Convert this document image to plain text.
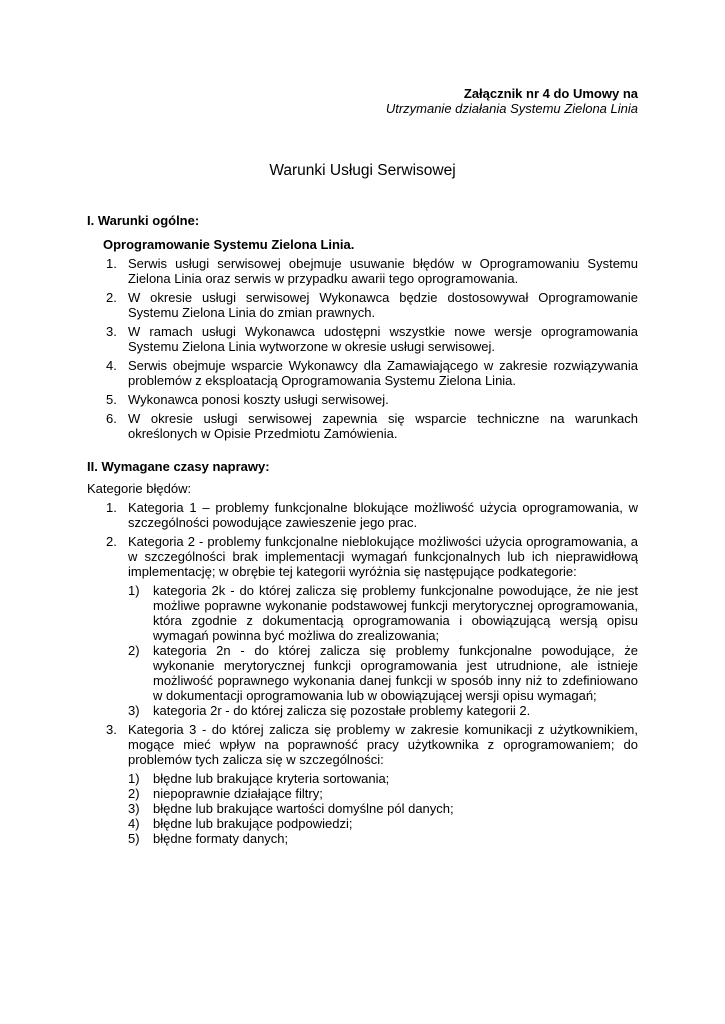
Załącznik nr 4 do Umowy na
Utrzymanie działania Systemu Zielona Linia
Warunki Usługi Serwisowej
I. Warunki ogólne:
Oprogramowanie Systemu Zielona Linia.
1. Serwis usługi serwisowej obejmuje usuwanie błędów w Oprogramowaniu Systemu Zielona Linia oraz serwis w przypadku awarii tego oprogramowania.
2. W okresie usługi serwisowej Wykonawca będzie dostosowywał Oprogramowanie Systemu Zielona Linia do zmian prawnych.
3. W ramach usługi Wykonawca udostępni wszystkie nowe wersje oprogramowania Systemu Zielona Linia wytworzone w okresie usługi serwisowej.
4. Serwis obejmuje wsparcie Wykonawcy dla Zamawiającego w zakresie rozwiązywania problemów z eksploatacją Oprogramowania Systemu Zielona Linia.
5. Wykonawca ponosi koszty usługi serwisowej.
6. W okresie usługi serwisowej zapewnia się wsparcie techniczne na warunkach określonych w Opisie Przedmiotu Zamówienia.
II. Wymagane czasy naprawy:
Kategorie błędów:
1. Kategoria 1 – problemy funkcjonalne blokujące możliwość użycia oprogramowania, w szczególności powodujące zawieszenie jego prac.
2. Kategoria 2 - problemy funkcjonalne nieblokujące możliwości użycia oprogramowania, a w szczególności brak implementacji wymagań funkcjonalnych lub ich nieprawidłową implementację; w obrębie tej kategorii wyróżnia się następujące podkategorie:
1) kategoria 2k - do której zalicza się problemy funkcjonalne powodujące, że nie jest możliwe poprawne wykonanie podstawowej funkcji merytorycznej oprogramowania, która zgodnie z dokumentacją oprogramowania i obowiązującą wersją opisu wymagań powinna być możliwa do zrealizowania;
2) kategoria 2n - do której zalicza się problemy funkcjonalne powodujące, że wykonanie merytorycznej funkcji oprogramowania jest utrudnione, ale istnieje możliwość poprawnego wykonania danej funkcji w sposób inny niż to zdefiniowano w dokumentacji oprogramowania lub w obowiązującej wersji opisu wymagań;
3) kategoria 2r - do której zalicza się pozostałe problemy kategorii 2.
3. Kategoria 3 - do której zalicza się problemy w zakresie komunikacji z użytkownikiem, mogące mieć wpływ na poprawność pracy użytkownika z oprogramowaniem; do problemów tych zalicza się w szczególności:
1) błędne lub brakujące kryteria sortowania;
2) niepoprawnie działające filtry;
3) błędne lub brakujące wartości domyślne pól danych;
4) błędne lub brakujące podpowiedzi;
5) błędne formaty danych;
